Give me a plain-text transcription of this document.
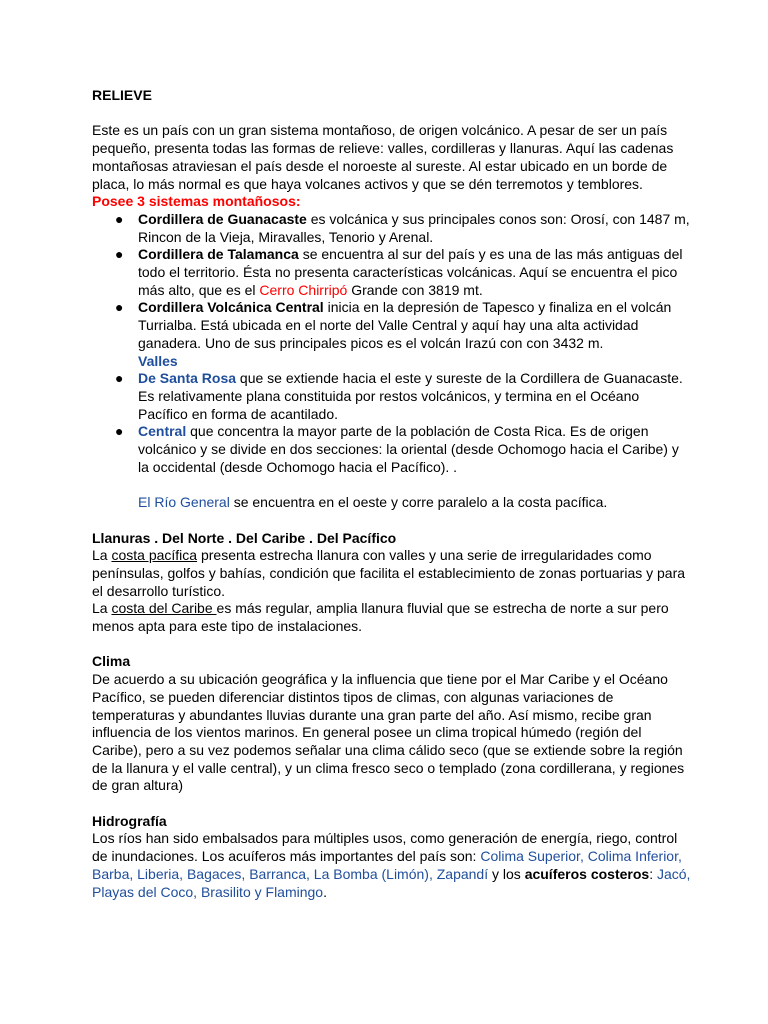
RELIEVE

Este es un país con un gran sistema montañoso, de origen volcánico. A pesar de ser un país pequeño, presenta todas las formas de relieve: valles, cordilleras y llanuras. Aquí las cadenas montañosas atraviesan el país desde el noroeste al sureste. Al estar ubicado en un borde de placa, lo más normal es que haya volcanes activos y que se dén terremotos y temblores.

Posee 3 sistemas montañosos:

● Cordillera de Guanacaste es volcánica y sus principales conos son: Orosí, con 1487 m, Rincon de la Vieja, Miravalles, Tenorio y Arenal.
● Cordillera de Talamanca se encuentra al sur del país y es una de las más antiguas del todo el territorio. Ésta no presenta características volcánicas. Aquí se encuentra el pico más alto, que es el Cerro Chirripó Grande con 3819 mt.
● Cordillera Volcánica Central inicia en la depresión de Tapesco y finaliza en el volcán Turrialba. Está ubicada en el norte del Valle Central y aquí hay una alta actividad ganadera. Uno de sus principales picos es el volcán Irazú con con 3432 m.
Valles
● De Santa Rosa que se extiende hacia el este y sureste de la Cordillera de Guanacaste. Es relativamente plana constituida por restos volcánicos, y termina en el Océano Pacífico en forma de acantilado.
● Central que concentra la mayor parte de la población de Costa Rica. Es de origen volcánico y se divide en dos secciones: la oriental (desde Ochomogo hacia el Caribe) y la occidental (desde Ochomogo hacia el Pacífico). .

El Río General se encuentra en el oeste y corre paralelo a la costa pacífica.

Llanuras . Del Norte . Del Caribe . Del Pacífico

La costa pacífica presenta estrecha llanura con valles y una serie de irregularidades como penínsulas, golfos y bahías, condición que facilita el establecimiento de zonas portuarias y para el desarrollo turístico.

La costa del Caribe es más regular, amplia llanura fluvial que se estrecha de norte a sur pero menos apta para este tipo de instalaciones.

Clima

De acuerdo a su ubicación geográfica y la influencia que tiene por el Mar Caribe y el Océano Pacífico, se pueden diferenciar distintos tipos de climas, con algunas variaciones de temperaturas y abundantes lluvias durante una gran parte del año. Así mismo, recibe gran influencia de los vientos marinos. En general posee un clima tropical húmedo (región del Caribe), pero a su vez podemos señalar una clima cálido seco (que se extiende sobre la región de la llanura y el valle central), y un clima fresco seco o templado (zona cordillerana, y regiones de gran altura)

Hidrografía

Los ríos han sido embalsados para múltiples usos, como generación de energía, riego, control de inundaciones. Los acuíferos más importantes del país son: Colima Superior, Colima Inferior, Barba, Liberia, Bagaces, Barranca, La Bomba (Limón), Zapandí y los acuíferos costeros: Jacó, Playas del Coco, Brasilito y Flamingo.
